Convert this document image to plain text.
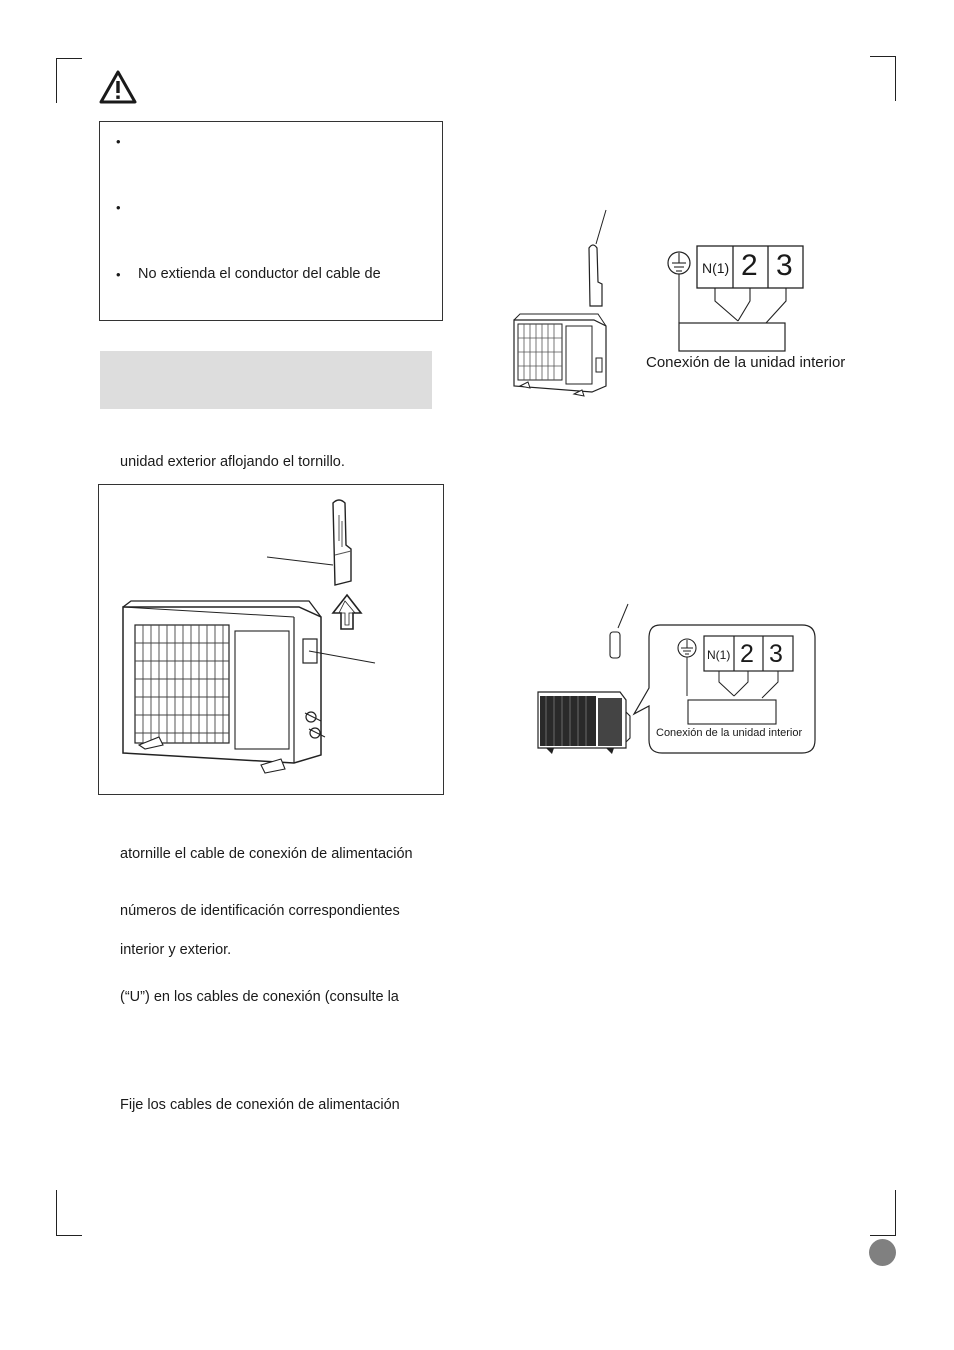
•
•
• No extienda el conductor del cable de
unidad exterior aflojando el tornillo.
N(1) 2 3
Conexión de la unidad interior
N(1) 2 3
Conexión de la unidad interior
atornille el cable de conexión de alimentación
números de identificación correspondientes
interior y exterior.
(“U”) en los cables de conexión (consulte la
Fije los cables de conexión de alimentación
